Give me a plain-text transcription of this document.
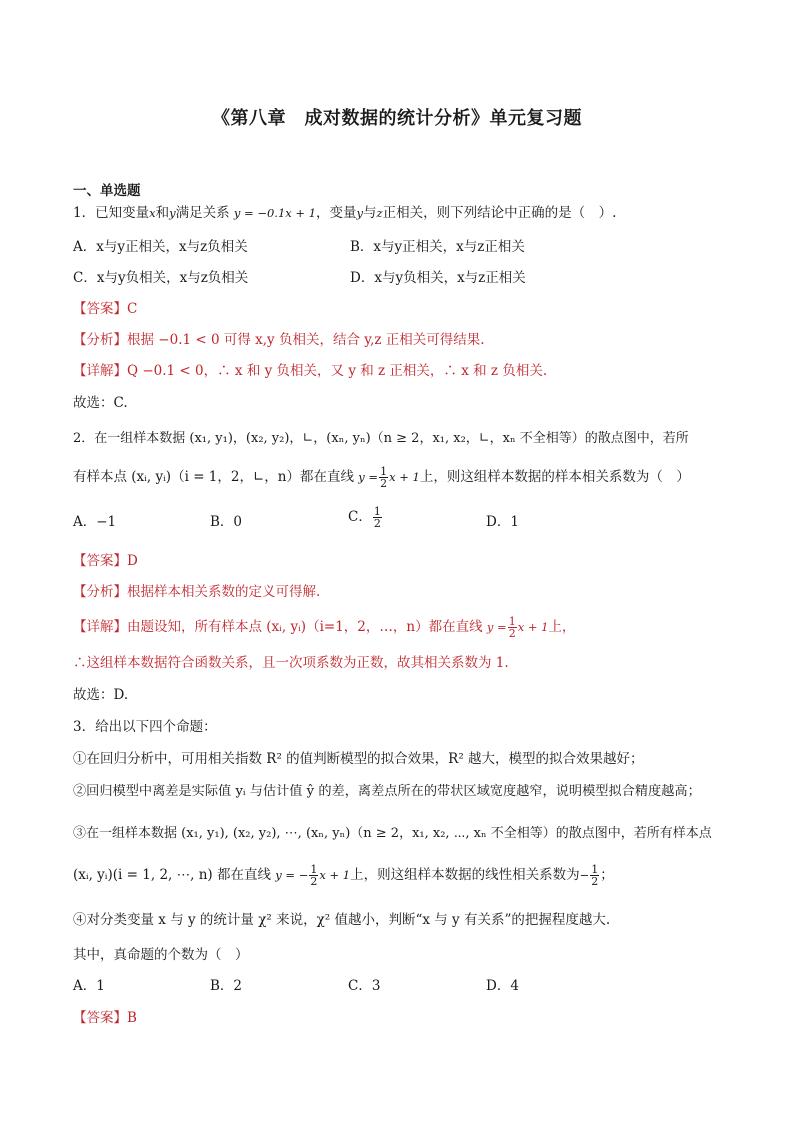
《第八章　成对数据的统计分析》单元复习题
一、单选题
1．已知变量x和y满足关系 y = −0.1x + 1，变量y与z正相关，则下列结论中正确的是（　）.
A．x与y正相关，x与z负相关	B．x与y正相关，x与z正相关
C．x与y负相关，x与z负相关	D．x与y负相关，x与z正相关
【答案】C
【分析】根据 −0.1 < 0 可得 x,y 负相关，结合 y,z 正相关可得结果.
【详解】Q −0.1 < 0，∴ x 和 y 负相关，又 y 和 z 正相关，∴ x 和 z 负相关.
故选：C.
2．在一组样本数据 (x₁, y₁)，(x₂, y₂)，∟，(xₙ, yₙ)（n ≥ 2，x₁, x₂，∟，xₙ 不全相等）的散点图中，若所
有样本点 (xᵢ, yᵢ)（i = 1，2，∟，n）都在直线 $y = \frac{1}{2}$ x + 1上，则这组样本数据的样本相关系数为（　）
A．−1	B．0	C． $\frac{1}{2}$	D．1
【答案】D
【分析】根据样本相关系数的定义可得解.
【详解】由题设知，所有样本点 (xᵢ, yᵢ)（i=1，2，…，n）都在直线 $y = \frac{1}{2}$ x + 1上，
∴这组样本数据符合函数关系，且一次项系数为正数，故其相关系数为 1.
故选：D.
3．给出以下四个命题：
①在回归分析中，可用相关指数 R² 的值判断模型的拟合效果，R² 越大，模型的拟合效果越好；
②回归模型中离差是实际值 yᵢ 与估计值 ŷ 的差，离差点所在的带状区域宽度越窄，说明模型拟合精度越高；
③在一组样本数据 (x₁, y₁), (x₂, y₂), ⋯, (xₙ, yₙ)（n ≥ 2，x₁, x₂, ⋯, xₙ 不全相等）的散点图中，若所有样本点
(xᵢ, yᵢ)(i = 1, 2, ⋯, n) 都在直线 y = − $\frac{1}{2}$ x + 1上，则这组样本数据的线性相关系数为− $\frac{1}{2}$ ；
④对分类变量 x 与 y 的统计量 χ² 来说，χ² 值越小，判断“x 与 y 有关系”的把握程度越大.
其中，真命题的个数为（　）
A．1	B．2	C．3	D．4
【答案】B
